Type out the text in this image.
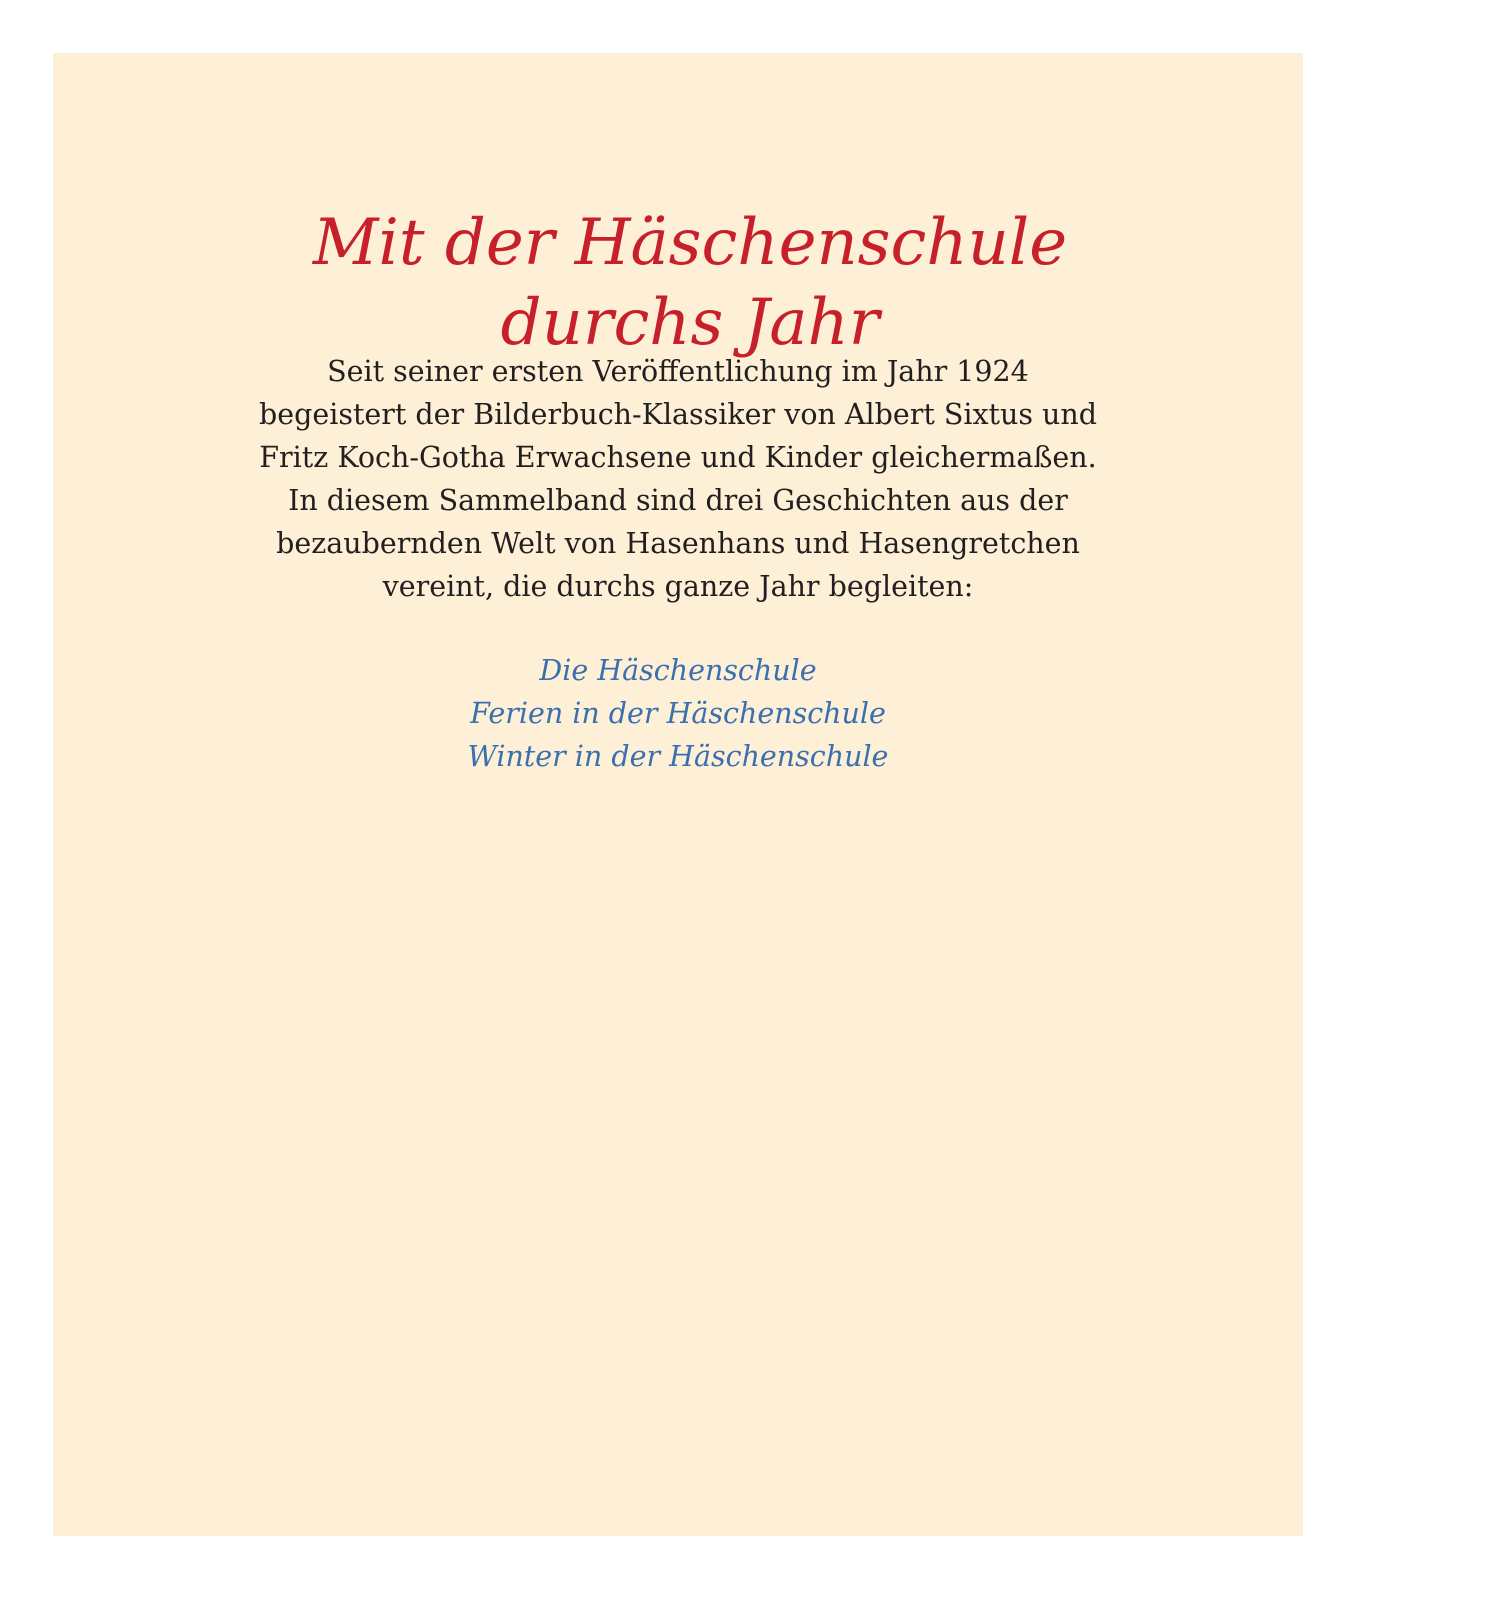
Mit der Häschenschule
durchs Jahr

Seit seiner ersten Veröffentlichung im Jahr 1924
begeistert der Bilderbuch-Klassiker von Albert Sixtus und
Fritz Koch-Gotha Erwachsene und Kinder gleichermaßen.
In diesem Sammelband sind drei Geschichten aus der
bezaubernden Welt von Hasenhans und Hasengretchen
vereint, die durchs ganze Jahr begleiten:

Die Häschenschule
Ferien in der Häschenschule
Winter in der Häschenschule
